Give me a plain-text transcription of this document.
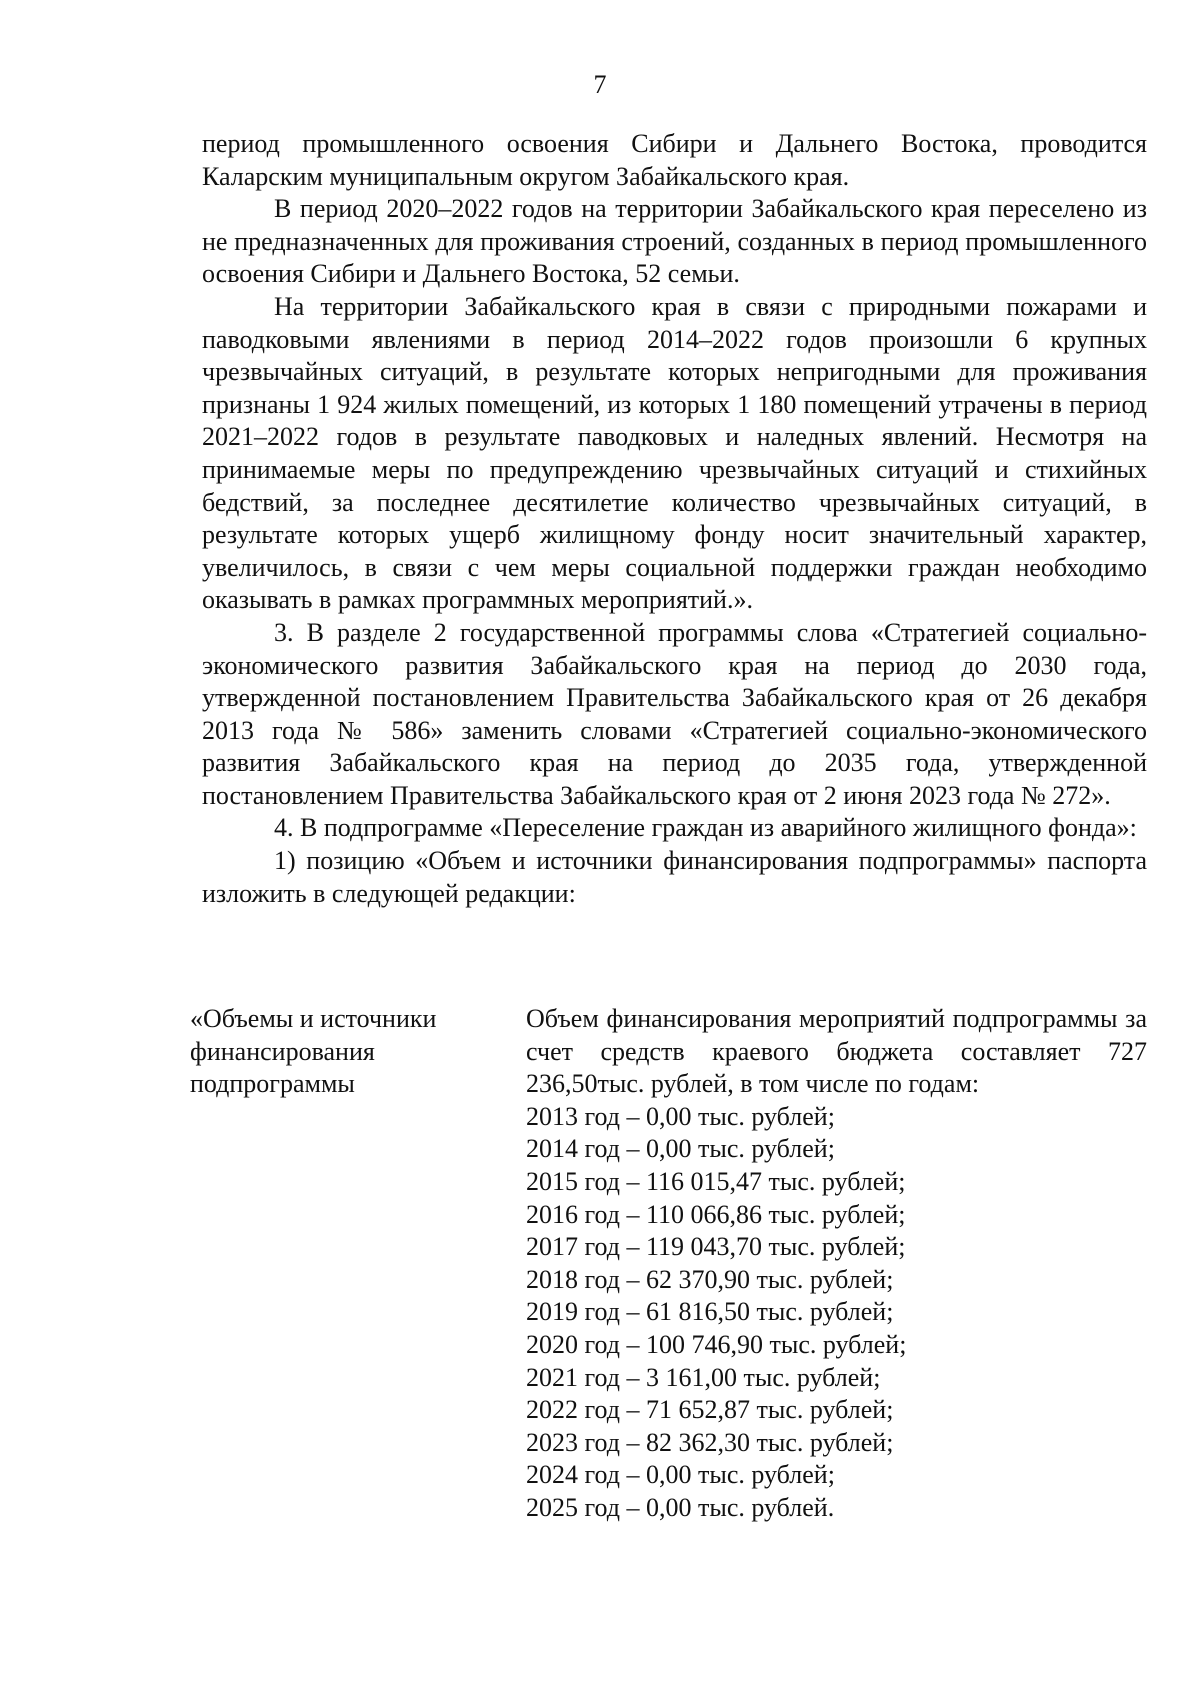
7

период промышленного освоения Сибири и Дальнего Востока, проводится Каларским муниципальным округом Забайкальского края.

В период 2020–2022 годов на территории Забайкальского края переселено из не предназначенных для проживания строений, созданных в период промышленного освоения Сибири и Дальнего Востока, 52 семьи.

На территории Забайкальского края в связи с природными пожарами и паводковыми явлениями в период 2014–2022 годов произошли 6 крупных чрезвычайных ситуаций, в результате которых непригодными для проживания признаны 1 924 жилых помещений, из которых 1 180 помещений утрачены в период 2021–2022 годов в результате паводковых и наледных явлений. Несмотря на принимаемые меры по предупреждению чрезвычайных ситуаций и стихийных бедствий, за последнее десятилетие количество чрезвычайных ситуаций, в результате которых ущерб жилищному фонду носит значительный характер, увеличилось, в связи с чем меры социальной поддержки граждан необходимо оказывать в рамках программных мероприятий.».

3. В разделе 2 государственной программы слова «Стратегией социально-экономического развития Забайкальского края на период до 2030 года, утвержденной постановлением Правительства Забайкальского края от 26 декабря 2013 года № 586» заменить словами «Стратегией социально-экономического развития Забайкальского края на период до 2035 года, утвержденной постановлением Правительства Забайкальского края от 2 июня 2023 года № 272».

4. В подпрограмме «Переселение граждан из аварийного жилищного фонда»:

1) позицию «Объем и источники финансирования подпрограммы» паспорта изложить в следующей редакции:

«Объемы и источники
финансирования
подпрограммы

Объем финансирования мероприятий подпрограммы за счет средств краевого бюджета составляет 727 236,50тыс. рублей, в том числе по годам:

2013 год – 0,00 тыс. рублей;
2014 год – 0,00 тыс. рублей;
2015 год – 116 015,47 тыс. рублей;
2016 год – 110 066,86 тыс. рублей;
2017 год – 119 043,70 тыс. рублей;
2018 год – 62 370,90 тыс. рублей;
2019 год – 61 816,50 тыс. рублей;
2020 год – 100 746,90 тыс. рублей;
2021 год – 3 161,00 тыс. рублей;
2022 год – 71 652,87 тыс. рублей;
2023 год – 82 362,30 тыс. рублей;
2024 год – 0,00 тыс. рублей;
2025 год – 0,00 тыс. рублей.
